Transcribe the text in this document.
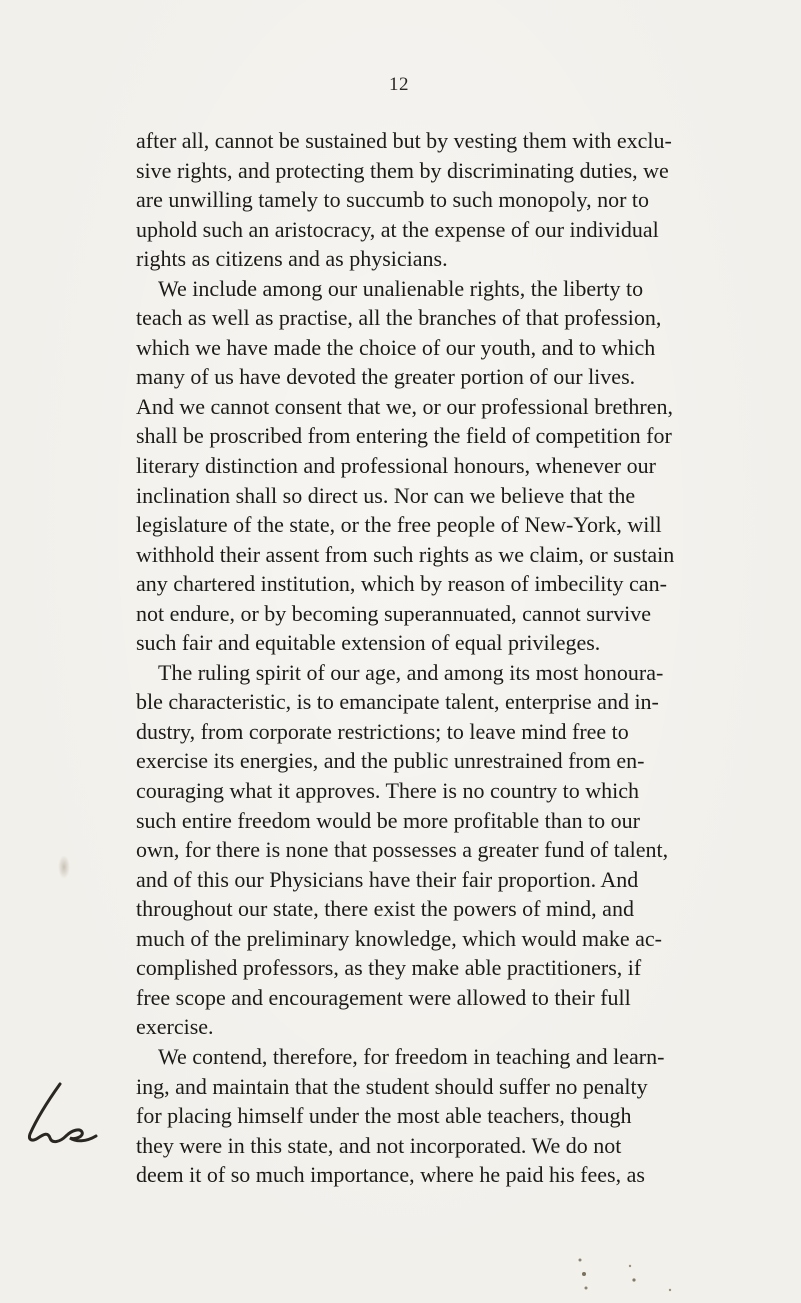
12
after all, cannot be sustained but by vesting them with exclu-
sive rights, and protecting them by discriminating duties, we
are unwilling tamely to succumb to such monopoly, nor to
uphold such an aristocracy, at the expense of our individual
rights as citizens and as physicians.
We include among our unalienable rights, the liberty to
teach as well as practise, all the branches of that profession,
which we have made the choice of our youth, and to which
many of us have devoted the greater portion of our lives.
And we cannot consent that we, or our professional brethren,
shall be proscribed from entering the field of competition for
literary distinction and professional honours, whenever our
inclination shall so direct us. Nor can we believe that the
legislature of the state, or the free people of New-York, will
withhold their assent from such rights as we claim, or sustain
any chartered institution, which by reason of imbecility can-
not endure, or by becoming superannuated, cannot survive
such fair and equitable extension of equal privileges.
The ruling spirit of our age, and among its most honoura-
ble characteristic, is to emancipate talent, enterprise and in-
dustry, from corporate restrictions; to leave mind free to
exercise its energies, and the public unrestrained from en-
couraging what it approves. There is no country to which
such entire freedom would be more profitable than to our
own, for there is none that possesses a greater fund of talent,
and of this our Physicians have their fair proportion. And
throughout our state, there exist the powers of mind, and
much of the preliminary knowledge, which would make ac-
complished professors, as they make able practitioners, if
free scope and encouragement were allowed to their full
exercise.
We contend, therefore, for freedom in teaching and learn-
ing, and maintain that the student should suffer no penalty
for placing himself under the most able teachers, though
they were in this state, and not incorporated. We do not
deem it of so much importance, where he paid his fees, as
